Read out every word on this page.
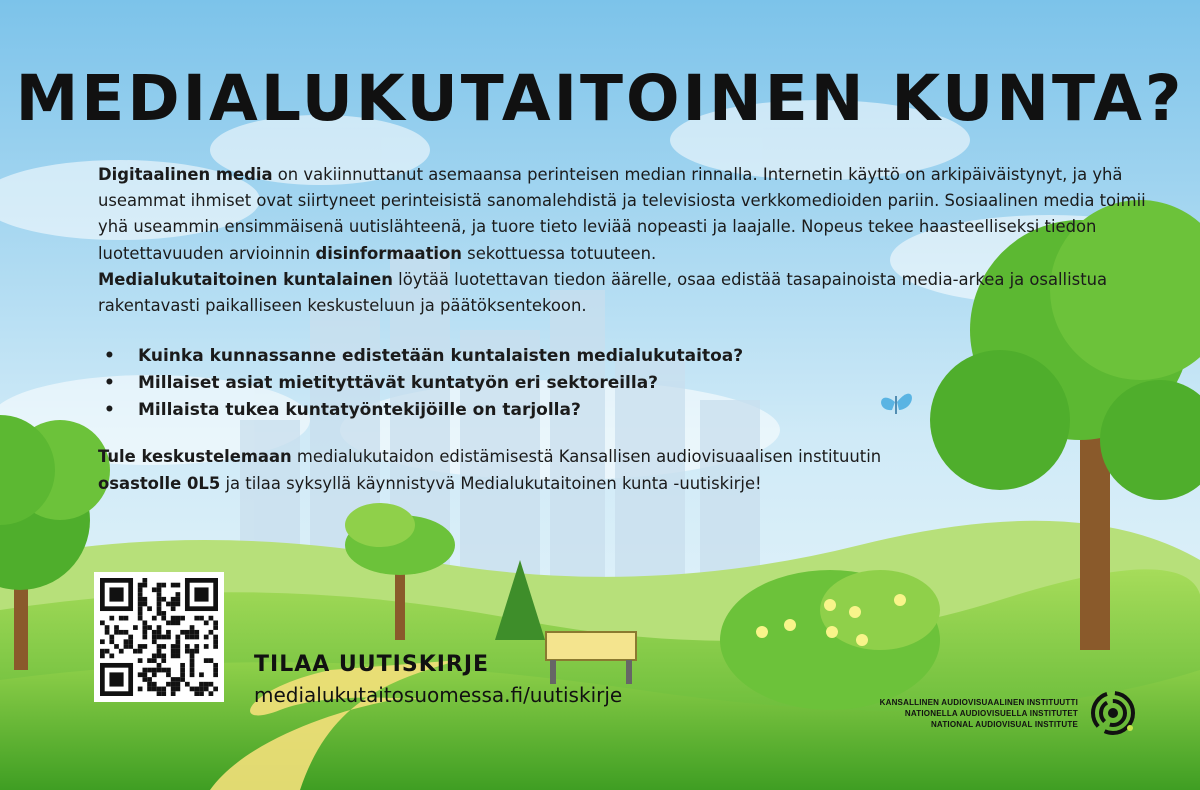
MEDIALUKUTAITOINEN KUNTA?

Digitaalinen media on vakiinnuttanut asemaansa perinteisen median rinnalla. Internetin käyttö on arkipäiväistynyt, ja yhä useammat ihmiset ovat siirtyneet perinteisistä sanomalehdistä ja televisiosta verkkomedioiden pariin. Sosiaalinen media toimii yhä useammin ensimmäisenä uutislähteenä, ja tuore tieto leviää nopeasti ja laajalle. Nopeus tekee haasteelliseksi tiedon luotettavuuden arvioinnin disinformaation sekottuessa totuuteen.
Medialukutaitoinen kuntalainen löytää luotettavan tiedon äärelle, osaa edistää tasapainoista media-arkea ja osallistua rakentavasti paikalliseen keskusteluun ja päätöksentekoon.

• Kuinka kunnassanne edistetään kuntalaisten medialukutaitoa?
• Millaiset asiat mietityttävät kuntatyön eri sektoreilla?
• Millaista tukea kuntatyöntekijöille on tarjolla?

Tule keskustelemaan medialukutaidon edistämisestä Kansallisen audiovisuaalisen instituutin
osastolle 0L5 ja tilaa syksyllä käynnistyvä Medialukutaitoinen kunta -uutiskirje!

TILAA UUTISKIRJE
medialukutaitosuomessa.fi/uutiskirje	KANSALLINEN AUDIOVISUAALINEN INSTITUUTTI
NATIONELLA AUDIOVISUELLA INSTITUTET
NATIONAL AUDIOVISUAL INSTITUTE
